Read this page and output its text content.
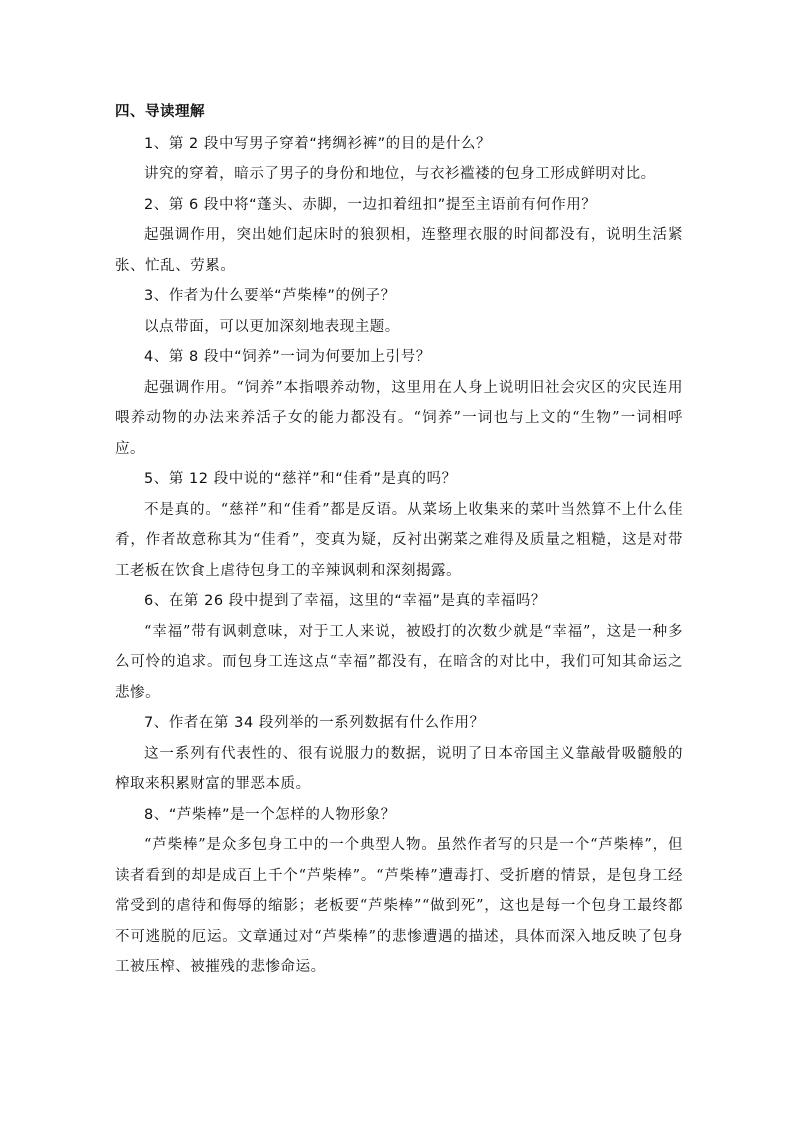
四、导读理解

1、第 2 段中写男子穿着“拷绸衫裤”的目的是什么？

讲究的穿着，暗示了男子的身份和地位，与衣衫褴褛的包身工形成鲜明对比。

2、第 6 段中将“蓬头、赤脚，一边扣着纽扣”提至主语前有何作用？

起强调作用，突出她们起床时的狼狈相，连整理衣服的时间都没有，说明生活紧张、忙乱、劳累。

3、作者为什么要举“芦柴棒”的例子？

以点带面，可以更加深刻地表现主题。

4、第 8 段中“饲养”一词为何要加上引号？

起强调作用。“饲养”本指喂养动物，这里用在人身上说明旧社会灾区的灾民连用喂养动物的办法来养活子女的能力都没有。“饲养”一词也与上文的“生物”一词相呼应。

5、第 12 段中说的“慈祥”和“佳肴”是真的吗？

不是真的。“慈祥”和“佳肴”都是反语。从菜场上收集来的菜叶当然算不上什么佳肴，作者故意称其为“佳肴”，变真为疑，反衬出粥菜之难得及质量之粗糙，这是对带工老板在饮食上虐待包身工的辛辣讽刺和深刻揭露。

6、在第 26 段中提到了幸福，这里的“幸福”是真的幸福吗？

“幸福”带有讽刺意味，对于工人来说，被殴打的次数少就是“幸福”，这是一种多么可怜的追求。而包身工连这点“幸福”都没有，在暗含的对比中，我们可知其命运之悲惨。

7、作者在第 34 段列举的一系列数据有什么作用？

这一系列有代表性的、很有说服力的数据，说明了日本帝国主义靠敲骨吸髓般的榨取来积累财富的罪恶本质。

8、“芦柴棒”是一个怎样的人物形象？

“芦柴棒”是众多包身工中的一个典型人物。虽然作者写的只是一个“芦柴棒”，但读者看到的却是成百上千个“芦柴棒”。“芦柴棒”遭毒打、受折磨的情景，是包身工经常受到的虐待和侮辱的缩影；老板要“芦柴棒”“做到死”，这也是每一个包身工最终都不可逃脱的厄运。文章通过对“芦柴棒”的悲惨遭遇的描述，具体而深入地反映了包身工被压榨、被摧残的悲惨命运。
